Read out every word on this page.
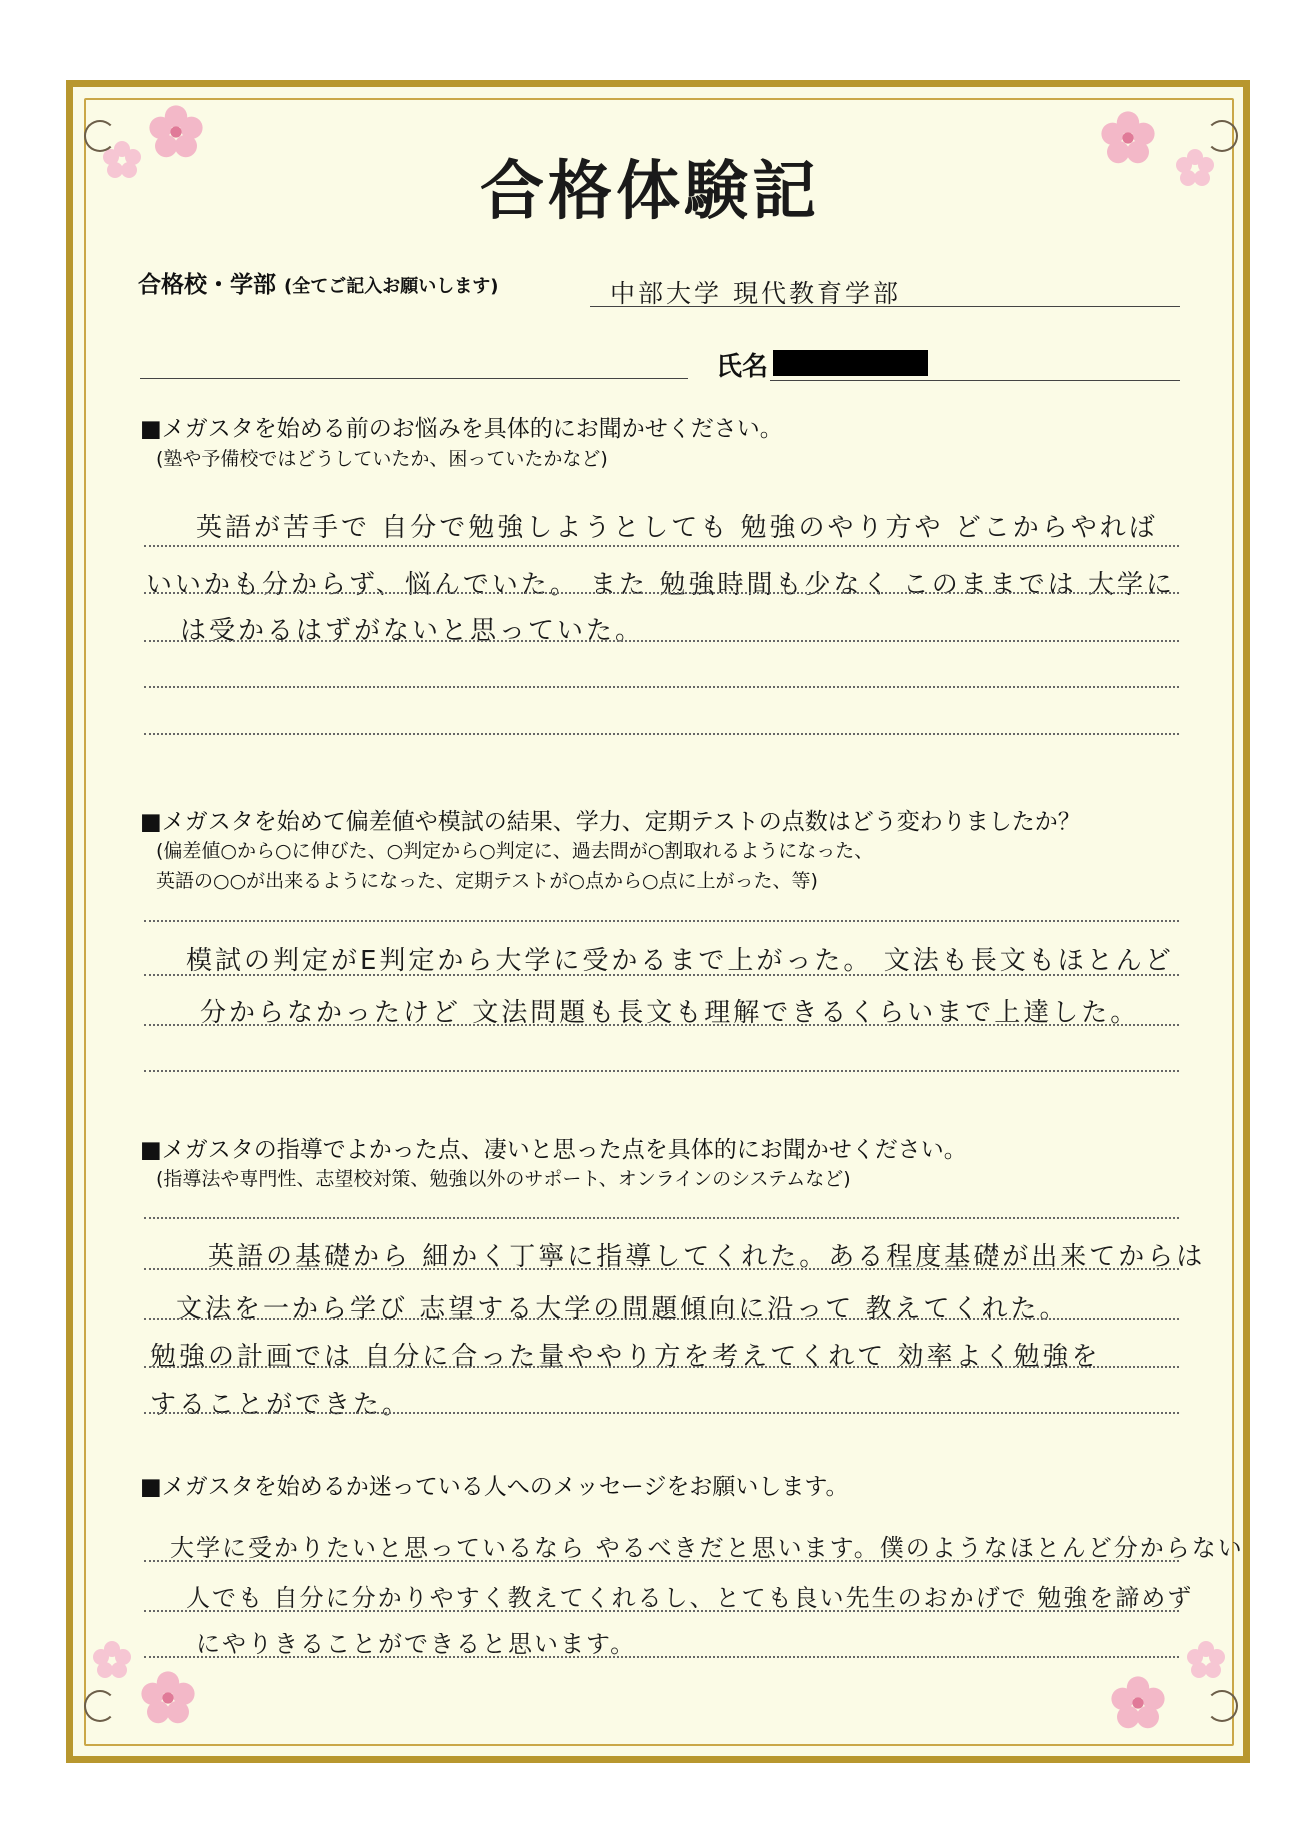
合格体験記
合格校・学部 (全てご記入お願いします)	中部大学 現代教育学部
氏名
■メガスタを始める前のお悩みを具体的にお聞かせください。
(塾や予備校ではどうしていたか、困っていたかなど)
英語が苦手で 自分で勉強しようとしても 勉強のやり方や どこからやれば
いいかも分からず、悩んでいた。 また 勉強時間も少なく このままでは 大学に
は受かるはずがないと思っていた。
■メガスタを始めて偏差値や模試の結果、学力、定期テストの点数はどう変わりましたか？
(偏差値○から○に伸びた、○判定から○判定に、過去問が○割取れるようになった、
英語の○○が出来るようになった、定期テストが○点から○点に上がった、等)
模試の判定がE判定から大学に受かるまで上がった。 文法も長文もほとんど
分からなかったけど 文法問題も長文も理解できるくらいまで上達した。
■メガスタの指導でよかった点、凄いと思った点を具体的にお聞かせください。
(指導法や専門性、志望校対策、勉強以外のサポート、オンラインのシステムなど)
英語の基礎から 細かく丁寧に指導してくれた。ある程度基礎が出来てからは
文法を一から学び 志望する大学の問題傾向に沿って 教えてくれた。
勉強の計画では 自分に合った量ややり方を考えてくれて 効率よく勉強を
することができた。
■メガスタを始めるか迷っている人へのメッセージをお願いします。
大学に受かりたいと思っているなら やるべきだと思います。僕のようなほとんど分からない
人でも 自分に分かりやすく教えてくれるし、とても良い先生のおかげで 勉強を諦めず
にやりきることができると思います。
